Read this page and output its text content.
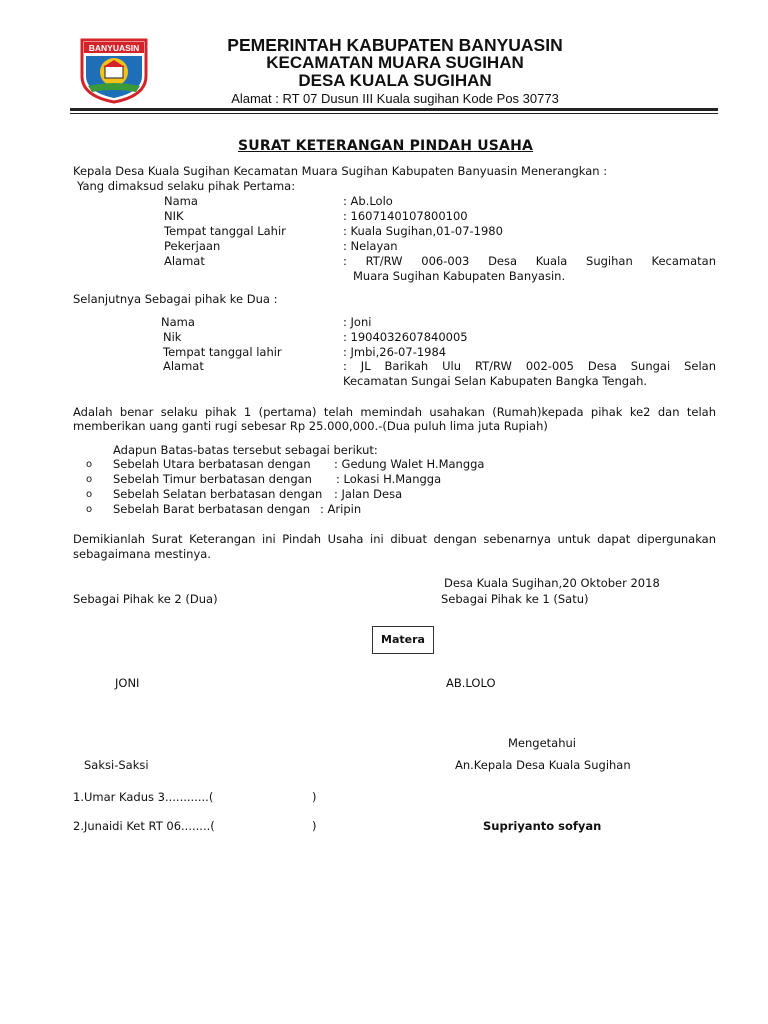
BANYUASIN	PEMERINTAH KABUPATEN BANYUASIN
KECAMATAN MUARA SUGIHAN
DESA KUALA SUGIHAN
Alamat : RT 07 Dusun III Kuala sugihan Kode Pos 30773
SURAT KETERANGAN PINDAH USAHA
Kepala Desa Kuala Sugihan Kecamatan Muara Sugihan Kabupaten Banyuasin Menerangkan :
Yang dimaksud selaku pihak Pertama:
Nama	: Ab.Lolo
NIK	: 1607140107800100
Tempat tanggal Lahir	: Kuala Sugihan,01-07-1980
Pekerjaan	: Nelayan
Alamat	: RT/RW 006-003 Desa Kuala Sugihan Kecamatan
Muara Sugihan Kabupaten Banyasin.
Selanjutnya Sebagai pihak ke Dua :
Nama	: Joni
Nik	: 1904032607840005
Tempat tanggal lahir	: Jmbi,26-07-1984
Alamat	: JL Barikah Ulu RT/RW 002-005 Desa Sungai Selan
Kecamatan Sungai Selan Kabupaten Bangka Tengah.
Adalah benar selaku pihak 1 (pertama) telah memindah usahakan (Rumah)kepada pihak ke2 dan telah
memberikan uang ganti rugi sebesar Rp 25.000,000.-(Dua puluh lima juta Rupiah)
Adapun Batas-batas tersebut sebagai berikut:
o Sebelah Utara berbatasan dengan : Gedung Walet H.Mangga
o Sebelah Timur berbatasan dengan : Lokasi H.Mangga
o Sebelah Selatan berbatasan dengan : Jalan Desa
o Sebelah Barat berbatasan dengan : Aripin
Demikianlah Surat Keterangan ini Pindah Usaha ini dibuat dengan sebenarnya untuk dapat dipergunakan
sebagaimana mestinya.
Desa Kuala Sugihan,20 Oktober 2018
Sebagai Pihak ke 2 (Dua)	Sebagai Pihak ke 1 (Satu)
Matera
JONI	AB.LOLO
Mengetahui
Saksi-Saksi	An.Kepala Desa Kuala Sugihan
1.Umar Kadus 3............(	)
2.Junaidi Ket RT 06........(	)	Supriyanto sofyan
